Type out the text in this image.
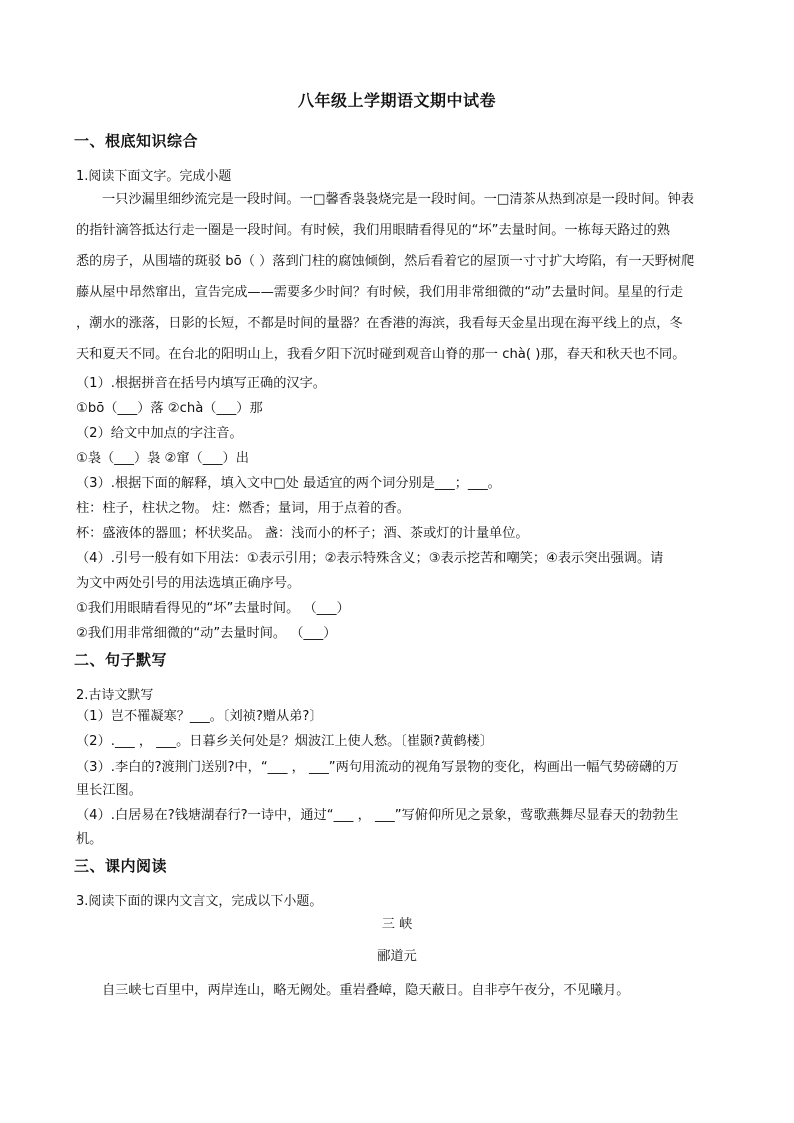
八年级上学期语文期中试卷
一、根底知识综合
1.阅读下面文字。完成小题
一只沙漏里细纱流完是一段时间。一□馨香袅袅烧完是一段时间。一□清茶从热到凉是一段时间。钟表
的指针滴答抵达行走一圈是一段时间。有时候，我们用眼睛看得见的“坏”去量时间。一栋每天路过的熟
悉的房子，从围墙的斑驳 bō（ ）落到门柱的腐蚀倾倒，然后看着它的屋顶一寸寸扩大垮陷，有一天野树爬
藤从屋中昂然窜出，宣告完成——需要多少时间？有时候，我们用非常细微的“动”去量时间。星星的行走
，潮水的涨落，日影的长短，不都是时间的量器？在香港的海滨，我看每天金星出现在海平线上的点，冬
天和夏天不同。在台北的阳明山上，我看夕阳下沉时碰到观音山脊的那一 chà( )那，春天和秋天也不同。
（1）.根据拼音在括号内填写正确的汉字。
①bō（___）落 ②chà（___）那
（2）给文中加点的字注音。
①袅（___）袅 ②窜（___）出
（3）.根据下面的解释，填入文中□处 最适宜的两个词分别是___；___。
柱：柱子，柱状之物。 炷：燃香；量词，用于点着的香。
杯：盛液体的器皿；杯状奖品。 盏：浅而小的杯子；酒、茶或灯的计量单位。
（4）.引号一般有如下用法：①表示引用；②表示特殊含义；③表示挖苦和嘲笑；④表示突出强调。请
为文中两处引号的用法选填正确序号。
①我们用眼睛看得见的“坏”去量时间。 （___）
②我们用非常细微的“动”去量时间。 （___）
二、句子默写
2.古诗文默写
（1）岂不罹凝寒？___。〔刘祯?赠从弟?〕
（2）.___ ， ___。日暮乡关何处是？烟波江上使人愁。〔崔颢?黄鹤楼〕
（3）.李白的?渡荆门送别?中，“___ ， ___”两句用流动的视角写景物的变化，构画出一幅气势磅礴的万
里长江图。
（4）.白居易在?钱塘湖春行?一诗中，通过“___ ， ___”写俯仰所见之景象，莺歌燕舞尽显春天的勃勃生
机。
三、课内阅读
3.阅读下面的课内文言文，完成以下小题。
三 峡
郦道元
自三峡七百里中，两岸连山，略无阙处。重岩叠嶂，隐天蔽日。自非亭午夜分，不见曦月。
